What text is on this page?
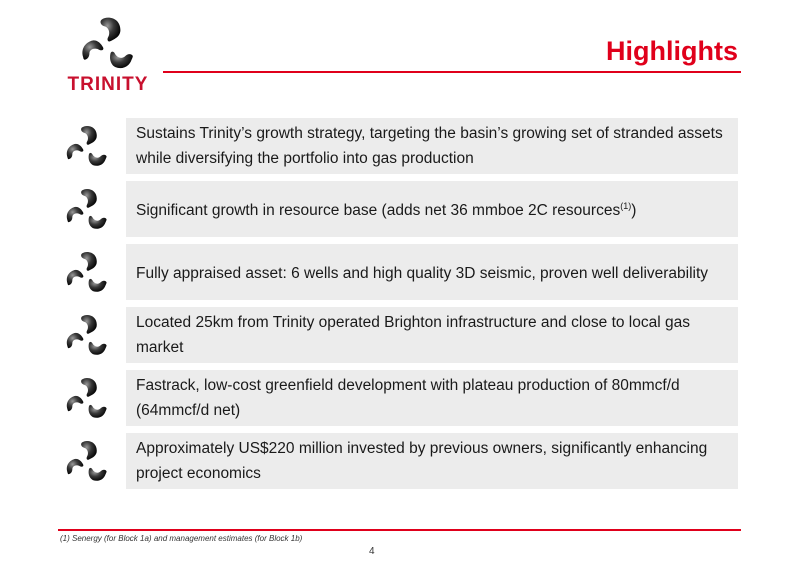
TRINITY
Highlights
Sustains Trinity’s growth strategy, targeting the basin’s growing set of stranded assets while diversifying the portfolio into gas production
Significant growth in resource base (adds net 36 mmboe 2C resources$^{(1)}$)
Fully appraised asset: 6 wells and high quality 3D seismic, proven well deliverability
Located 25km from Trinity operated Brighton infrastructure and close to local gas market
Fastrack, low-cost greenfield development with plateau production of 80mmcf/d (64mmcf/d net)
Approximately US$220 million invested by previous owners, significantly enhancing project economics
(1) Senergy (for Block 1a) and management estimates (for Block 1b)
4
